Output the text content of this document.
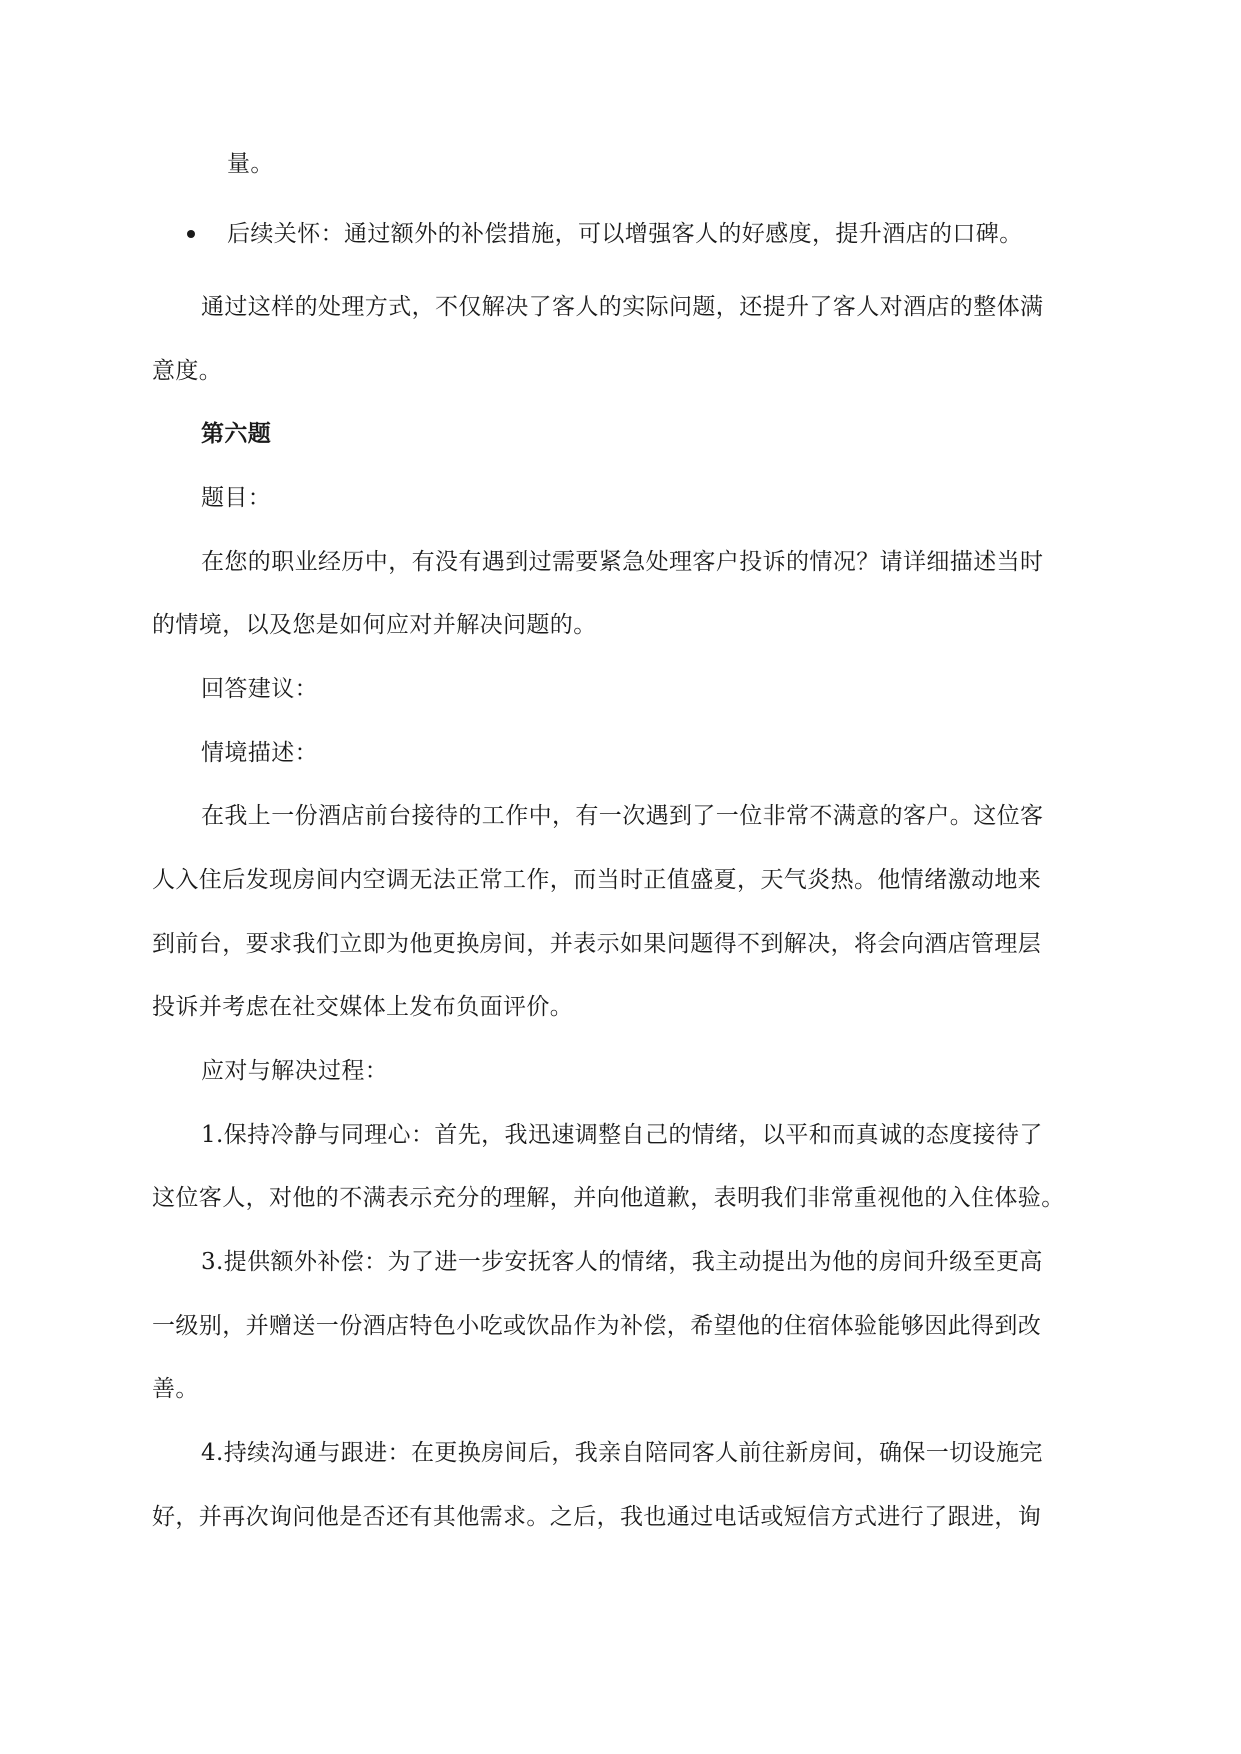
量。
后续关怀：通过额外的补偿措施，可以增强客人的好感度，提升酒店的口碑。
通过这样的处理方式，不仅解决了客人的实际问题，还提升了客人对酒店的整体满
意度。
第六题
题目：
在您的职业经历中，有没有遇到过需要紧急处理客户投诉的情况？请详细描述当时
的情境，以及您是如何应对并解决问题的。
回答建议：
情境描述：
在我上一份酒店前台接待的工作中，有一次遇到了一位非常不满意的客户。这位客
人入住后发现房间内空调无法正常工作，而当时正值盛夏，天气炎热。他情绪激动地来
到前台，要求我们立即为他更换房间，并表示如果问题得不到解决，将会向酒店管理层
投诉并考虑在社交媒体上发布负面评价。
应对与解决过程：
1.保持冷静与同理心：首先，我迅速调整自己的情绪，以平和而真诚的态度接待了
这位客人，对他的不满表示充分的理解，并向他道歉，表明我们非常重视他的入住体验。
3.提供额外补偿：为了进一步安抚客人的情绪，我主动提出为他的房间升级至更高
一级别，并赠送一份酒店特色小吃或饮品作为补偿，希望他的住宿体验能够因此得到改
善。
4.持续沟通与跟进：在更换房间后，我亲自陪同客人前往新房间，确保一切设施完
好，并再次询问他是否还有其他需求。之后，我也通过电话或短信方式进行了跟进，询
